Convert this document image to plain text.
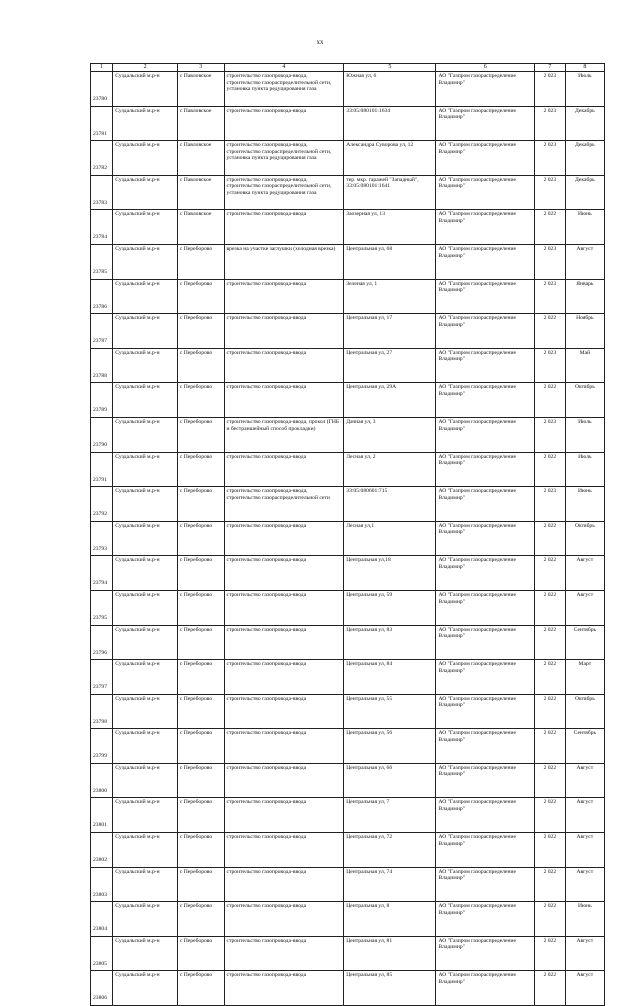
xx
1	2	3	4	5	6	7	8
23780	Суздальский м.р-н	с Павловское	строительство газопровода-ввода, строительство газораспределительной сети, установка пункта редуцирования газа	Южная ул, 6	АО "Газпром газораспределение Владимир"	2 023	Июль
23781	Суздальский м.р-н	с Павловское	строительство газопровода-ввода	33:05:080101:1634	АО "Газпром газораспределение Владимир"	2 023	Декабрь
23782	Суздальский м.р-н	с Павловское	строительство газопровода-ввода, строительство газораспределительной сети, установка пункта редуцирования газа	Александра Суворова ул, 12	АО "Газпром газораспределение Владимир"	2 023	Декабрь
23783	Суздальский м.р-н	с Павловское	строительство газопровода-ввода, строительство газораспределительной сети, установка пункта редуцирования газа	тер. мкр. гаражей "Западный", 33:05:080101:1641	АО "Газпром газораспределение Владимир"	2 023	Декабрь
23784	Суздальский м.р-н	с Павловское	строительство газопровода-ввода	Заозерная ул, 13	АО "Газпром газораспределение Владимир"	2 022	Июнь
23785	Суздальский м.р-н	с Переборово	врезка на участке заглушки (холодная врезка)	Центральная ул, 68	АО "Газпром газораспределение Владимир"	2 023	Август
23786	Суздальский м.р-н	с Переборово	строительство газопровода-ввода	Зеленая ул, 1	АО "Газпром газораспределение Владимир"	2 023	Январь
23787	Суздальский м.р-н	с Переборово	строительство газопровода-ввода	Центральная ул, 17	АО "Газпром газораспределение Владимир"	2 022	Ноябрь
23788	Суздальский м.р-н	с Переборово	строительство газопровода-ввода	Центральная ул, 27	АО "Газпром газораспределение Владимир"	2 023	Май
23789	Суздальский м.р-н	с Переборово	строительство газопровода-ввода	Центральная ул, 29А	АО "Газпром газораспределение Владимир"	2 022	Октябрь
23790	Суздальский м.р-н	с Переборово	строительство газопровода-ввода, прокол (ГНБ и бестраншейный способ прокладки)	Дачная ул, 3	АО "Газпром газораспределение Владимир"	2 023	Июль
23791	Суздальский м.р-н	с Переборово	строительство газопровода-ввода	Лесная ул, 2	АО "Газпром газораспределение Владимир"	2 022	Июль
23792	Суздальский м.р-н	с Переборово	строительство газопровода-ввода, строительство газораспределительной сети	33:05:080601:715	АО "Газпром газораспределение Владимир"	2 023	Июнь
23793	Суздальский м.р-н	с Переборово	строительство газопровода-ввода	Лесная ул,1	АО "Газпром газораспределение Владимир"	2 022	Октябрь
23794	Суздальский м.р-н	с Переборово	строительство газопровода-ввода	Центральная ул,18	АО "Газпром газораспределение Владимир"	2 022	Август
23795	Суздальский м.р-н	с Переборово	строительство газопровода-ввода	Центральная ул, 59	АО "Газпром газораспределение Владимир"	2 022	Август
23796	Суздальский м.р-н	с Переборово	строительство газопровода-ввода	Центральная ул, 83	АО "Газпром газораспределение Владимир"	2 022	Сентябрь
23797	Суздальский м.р-н	с Переборово	строительство газопровода-ввода	Центральная ул, 84	АО "Газпром газораспределение Владимир"	2 022	Март
23798	Суздальский м.р-н	с Переборово	строительство газопровода-ввода	Центральная ул, 55	АО "Газпром газораспределение Владимир"	2 022	Октябрь
23799	Суздальский м.р-н	с Переборово	строительство газопровода-ввода	Центральная ул, 56	АО "Газпром газораспределение Владимир"	2 022	Сентябрь
23800	Суздальский м.р-н	с Переборово	строительство газопровода-ввода	Центральная ул, 66	АО "Газпром газораспределение Владимир"	2 022	Август
23801	Суздальский м.р-н	с Переборово	строительство газопровода-ввода	Центральная ул, 7	АО "Газпром газораспределение Владимир"	2 022	Август
23802	Суздальский м.р-н	с Переборово	строительство газопровода-ввода	Центральная ул, 72	АО "Газпром газораспределение Владимир"	2 022	Август
23803	Суздальский м.р-н	с Переборово	строительство газопровода-ввода	Центральная ул, 74	АО "Газпром газораспределение Владимир"	2 022	Август
23804	Суздальский м.р-н	с Переборово	строительство газопровода-ввода	Центральная ул, 8	АО "Газпром газораспределение Владимир"	2 022	Июнь
23805	Суздальский м.р-н	с Переборово	строительство газопровода-ввода	Центральная ул, 81	АО "Газпром газораспределение Владимир"	2 022	Август
23806	Суздальский м.р-н	с Переборово	строительство газопровода-ввода	Центральная ул, 85	АО "Газпром газораспределение Владимир"	2 022	Август
